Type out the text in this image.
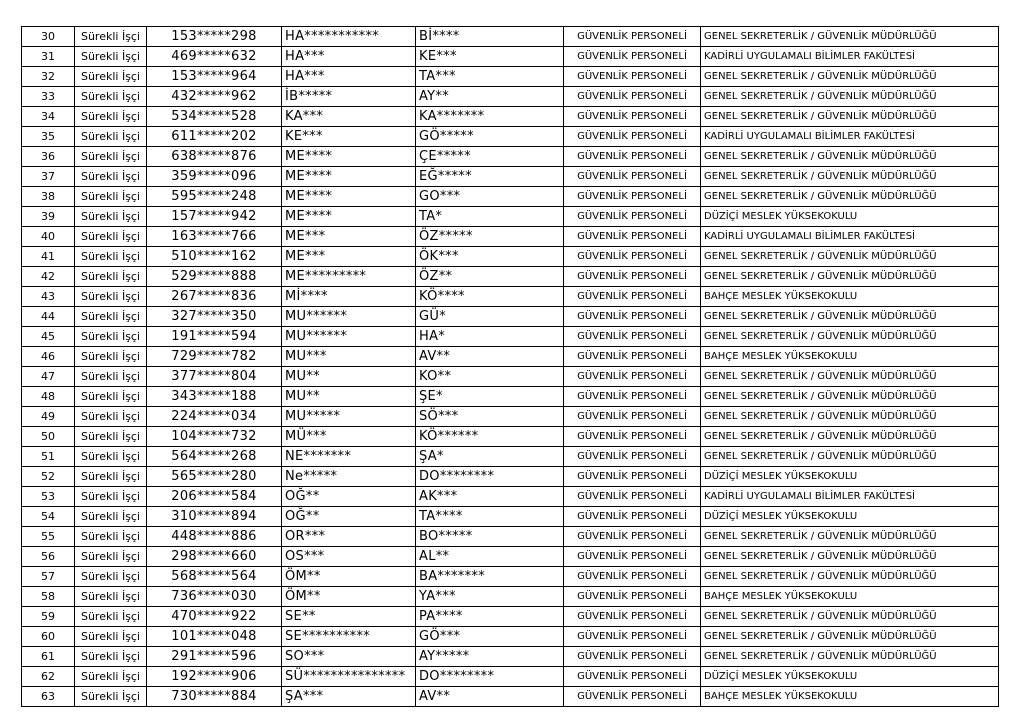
30	Sürekli İşçi	153*****298	HA***********	Bİ****	GÜVENLİK PERSONELİ	GENEL SEKRETERLİK / GÜVENLİK MÜDÜRLÜĞÜ
31	Sürekli İşçi	469*****632	HA***	KE***	GÜVENLİK PERSONELİ	KADİRLİ UYGULAMALI BİLİMLER FAKÜLTESİ
32	Sürekli İşçi	153*****964	HA***	TA***	GÜVENLİK PERSONELİ	GENEL SEKRETERLİK / GÜVENLİK MÜDÜRLÜĞÜ
33	Sürekli İşçi	432*****962	İB*****	AY**	GÜVENLİK PERSONELİ	GENEL SEKRETERLİK / GÜVENLİK MÜDÜRLÜĞÜ
34	Sürekli İşçi	534*****528	KA***	KA*******	GÜVENLİK PERSONELİ	GENEL SEKRETERLİK / GÜVENLİK MÜDÜRLÜĞÜ
35	Sürekli İşçi	611*****202	KE***	GÖ*****	GÜVENLİK PERSONELİ	KADİRLİ UYGULAMALI BİLİMLER FAKÜLTESİ
36	Sürekli İşçi	638*****876	ME****	ÇE*****	GÜVENLİK PERSONELİ	GENEL SEKRETERLİK / GÜVENLİK MÜDÜRLÜĞÜ
37	Sürekli İşçi	359*****096	ME****	EĞ*****	GÜVENLİK PERSONELİ	GENEL SEKRETERLİK / GÜVENLİK MÜDÜRLÜĞÜ
38	Sürekli İşçi	595*****248	ME****	GO***	GÜVENLİK PERSONELİ	GENEL SEKRETERLİK / GÜVENLİK MÜDÜRLÜĞÜ
39	Sürekli İşçi	157*****942	ME****	TA*	GÜVENLİK PERSONELİ	DÜZİÇİ MESLEK YÜKSEKOKULU
40	Sürekli İşçi	163*****766	ME***	ÖZ*****	GÜVENLİK PERSONELİ	KADİRLİ UYGULAMALI BİLİMLER FAKÜLTESİ
41	Sürekli İşçi	510*****162	ME***	ÖK***	GÜVENLİK PERSONELİ	GENEL SEKRETERLİK / GÜVENLİK MÜDÜRLÜĞÜ
42	Sürekli İşçi	529*****888	ME*********	ÖZ**	GÜVENLİK PERSONELİ	GENEL SEKRETERLİK / GÜVENLİK MÜDÜRLÜĞÜ
43	Sürekli İşçi	267*****836	Mİ****	KÖ****	GÜVENLİK PERSONELİ	BAHÇE MESLEK YÜKSEKOKULU
44	Sürekli İşçi	327*****350	MU******	GÜ*	GÜVENLİK PERSONELİ	GENEL SEKRETERLİK / GÜVENLİK MÜDÜRLÜĞÜ
45	Sürekli İşçi	191*****594	MU******	HA*	GÜVENLİK PERSONELİ	GENEL SEKRETERLİK / GÜVENLİK MÜDÜRLÜĞÜ
46	Sürekli İşçi	729*****782	MU***	AV**	GÜVENLİK PERSONELİ	BAHÇE MESLEK YÜKSEKOKULU
47	Sürekli İşçi	377*****804	MU**	KO**	GÜVENLİK PERSONELİ	GENEL SEKRETERLİK / GÜVENLİK MÜDÜRLÜĞÜ
48	Sürekli İşçi	343*****188	MU**	ŞE*	GÜVENLİK PERSONELİ	GENEL SEKRETERLİK / GÜVENLİK MÜDÜRLÜĞÜ
49	Sürekli İşçi	224*****034	MU*****	SÖ***	GÜVENLİK PERSONELİ	GENEL SEKRETERLİK / GÜVENLİK MÜDÜRLÜĞÜ
50	Sürekli İşçi	104*****732	MÜ***	KÖ******	GÜVENLİK PERSONELİ	GENEL SEKRETERLİK / GÜVENLİK MÜDÜRLÜĞÜ
51	Sürekli İşçi	564*****268	NE*******	ŞA*	GÜVENLİK PERSONELİ	GENEL SEKRETERLİK / GÜVENLİK MÜDÜRLÜĞÜ
52	Sürekli İşçi	565*****280	Ne*****	DO********	GÜVENLİK PERSONELİ	DÜZİÇİ MESLEK YÜKSEKOKULU
53	Sürekli İşçi	206*****584	OĞ**	AK***	GÜVENLİK PERSONELİ	KADİRLİ UYGULAMALI BİLİMLER FAKÜLTESİ
54	Sürekli İşçi	310*****894	OĞ**	TA****	GÜVENLİK PERSONELİ	DÜZİÇİ MESLEK YÜKSEKOKULU
55	Sürekli İşçi	448*****886	OR***	BO*****	GÜVENLİK PERSONELİ	GENEL SEKRETERLİK / GÜVENLİK MÜDÜRLÜĞÜ
56	Sürekli İşçi	298*****660	OS***	AL**	GÜVENLİK PERSONELİ	GENEL SEKRETERLİK / GÜVENLİK MÜDÜRLÜĞÜ
57	Sürekli İşçi	568*****564	ÖM**	BA*******	GÜVENLİK PERSONELİ	GENEL SEKRETERLİK / GÜVENLİK MÜDÜRLÜĞÜ
58	Sürekli İşçi	736*****030	ÖM**	YA***	GÜVENLİK PERSONELİ	BAHÇE MESLEK YÜKSEKOKULU
59	Sürekli İşçi	470*****922	SE**	PA****	GÜVENLİK PERSONELİ	GENEL SEKRETERLİK / GÜVENLİK MÜDÜRLÜĞÜ
60	Sürekli İşçi	101*****048	SE**********	GÖ***	GÜVENLİK PERSONELİ	GENEL SEKRETERLİK / GÜVENLİK MÜDÜRLÜĞÜ
61	Sürekli İşçi	291*****596	SO***	AY*****	GÜVENLİK PERSONELİ	GENEL SEKRETERLİK / GÜVENLİK MÜDÜRLÜĞÜ
62	Sürekli İşçi	192*****906	SÜ***************	DO********	GÜVENLİK PERSONELİ	DÜZİÇİ MESLEK YÜKSEKOKULU
63	Sürekli İşçi	730*****884	ŞA***	AV**	GÜVENLİK PERSONELİ	BAHÇE MESLEK YÜKSEKOKULU
